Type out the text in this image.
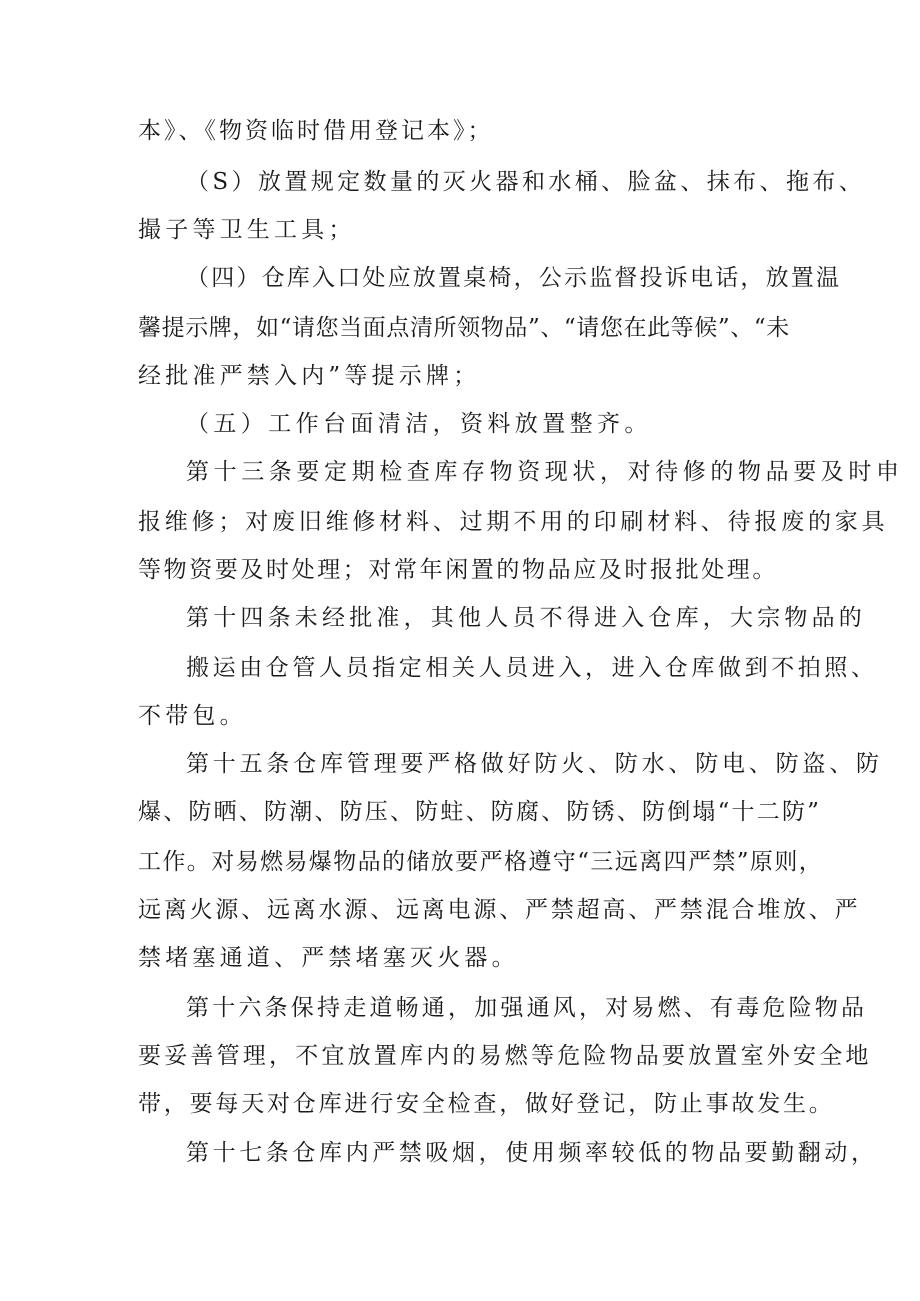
本》、《物资临时借用登记本》；
（S）放置规定数量的灭火器和水桶、脸盆、抹布、拖布、
撮子等卫生工具；
（四）仓库入口处应放置桌椅，公示监督投诉电话，放置温
馨提示牌，如“请您当面点清所领物品”、“请您在此等候”、“未
经批准严禁入内”等提示牌；
（五）工作台面清洁，资料放置整齐。
第十三条要定期检查库存物资现状，对待修的物品要及时申
报维修；对废旧维修材料、过期不用的印刷材料、待报废的家具
等物资要及时处理；对常年闲置的物品应及时报批处理。
第十四条未经批准，其他人员不得进入仓库，大宗物品的
搬运由仓管人员指定相关人员进入，进入仓库做到不拍照、
不带包。
第十五条仓库管理要严格做好防火、防水、防电、防盗、防
爆、防晒、防潮、防压、防蛀、防腐、防锈、防倒塌“十二防”
工作。对易燃易爆物品的储放要严格遵守“三远离四严禁”原则，
远离火源、远离水源、远离电源、严禁超高、严禁混合堆放、严
禁堵塞通道、严禁堵塞灭火器。
第十六条保持走道畅通，加强通风，对易燃、有毒危险物品
要妥善管理，不宜放置库内的易燃等危险物品要放置室外安全地
带，要每天对仓库进行安全检查，做好登记，防止事故发生。
第十七条仓库内严禁吸烟，使用频率较低的物品要勤翻动，
